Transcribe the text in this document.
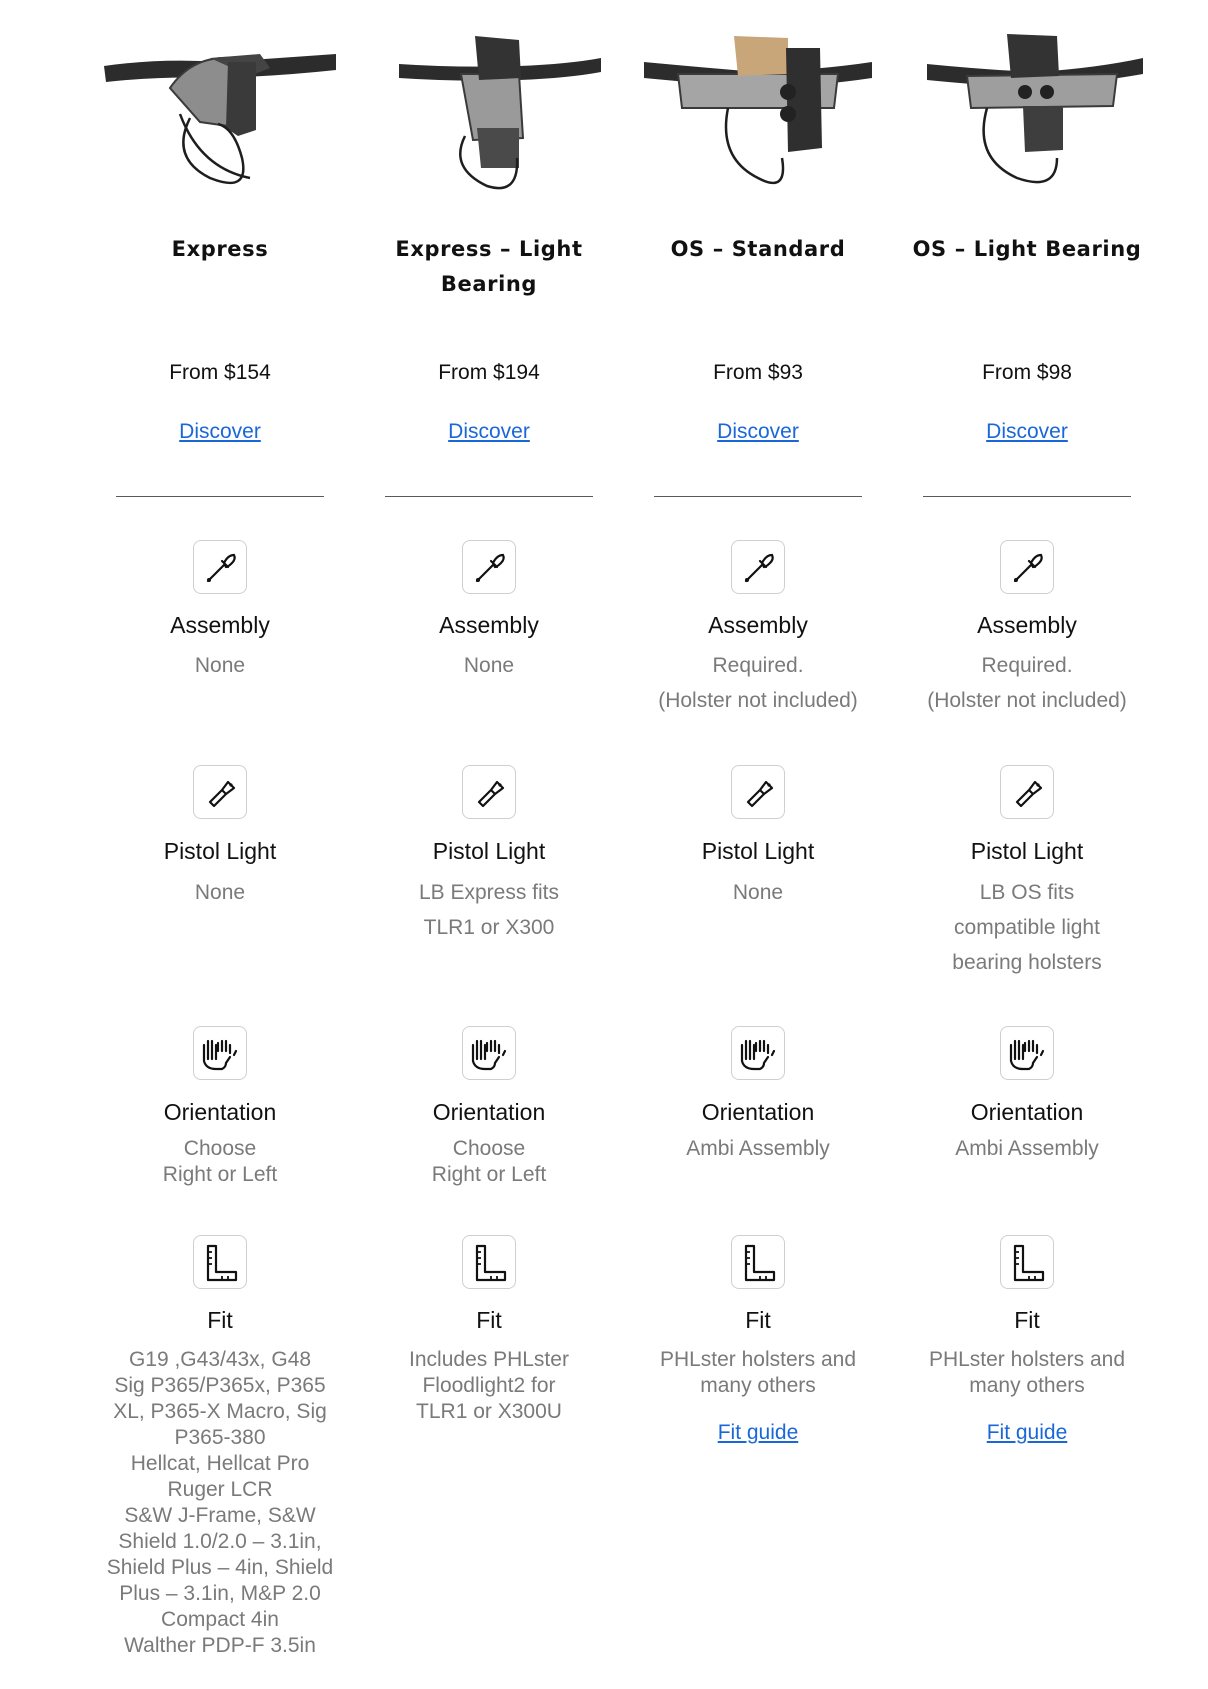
Express
From $154
Discover
Assembly
None
Pistol Light
None
Orientation
Choose
Right or Left
Fit
G19 ,G43/43x, G48
Sig P365/P365x, P365
XL, P365-X Macro, Sig
P365-380
Hellcat, Hellcat Pro
Ruger LCR
S&W J-Frame, S&W
Shield 1.0/2.0 – 3.1in,
Shield Plus – 4in, Shield
Plus – 3.1in, M&P 2.0
Compact 4in
Walther PDP-F 3.5in
Express – Light Bearing
From $194
Discover
Assembly
None
Pistol Light
LB Express fits
TLR1 or X300
Orientation
Choose
Right or Left
Fit
Includes PHLster
Floodlight2 for
TLR1 or X300U
OS – Standard
From $93
Discover
Assembly
Required.
(Holster not included)
Pistol Light
None
Orientation
Ambi Assembly
Fit
PHLster holsters and
many others
Fit guide
OS – Light Bearing
From $98
Discover
Assembly
Required.
(Holster not included)
Pistol Light
LB OS fits
compatible light
bearing holsters
Orientation
Ambi Assembly
Fit
PHLster holsters and
many others
Fit guide
